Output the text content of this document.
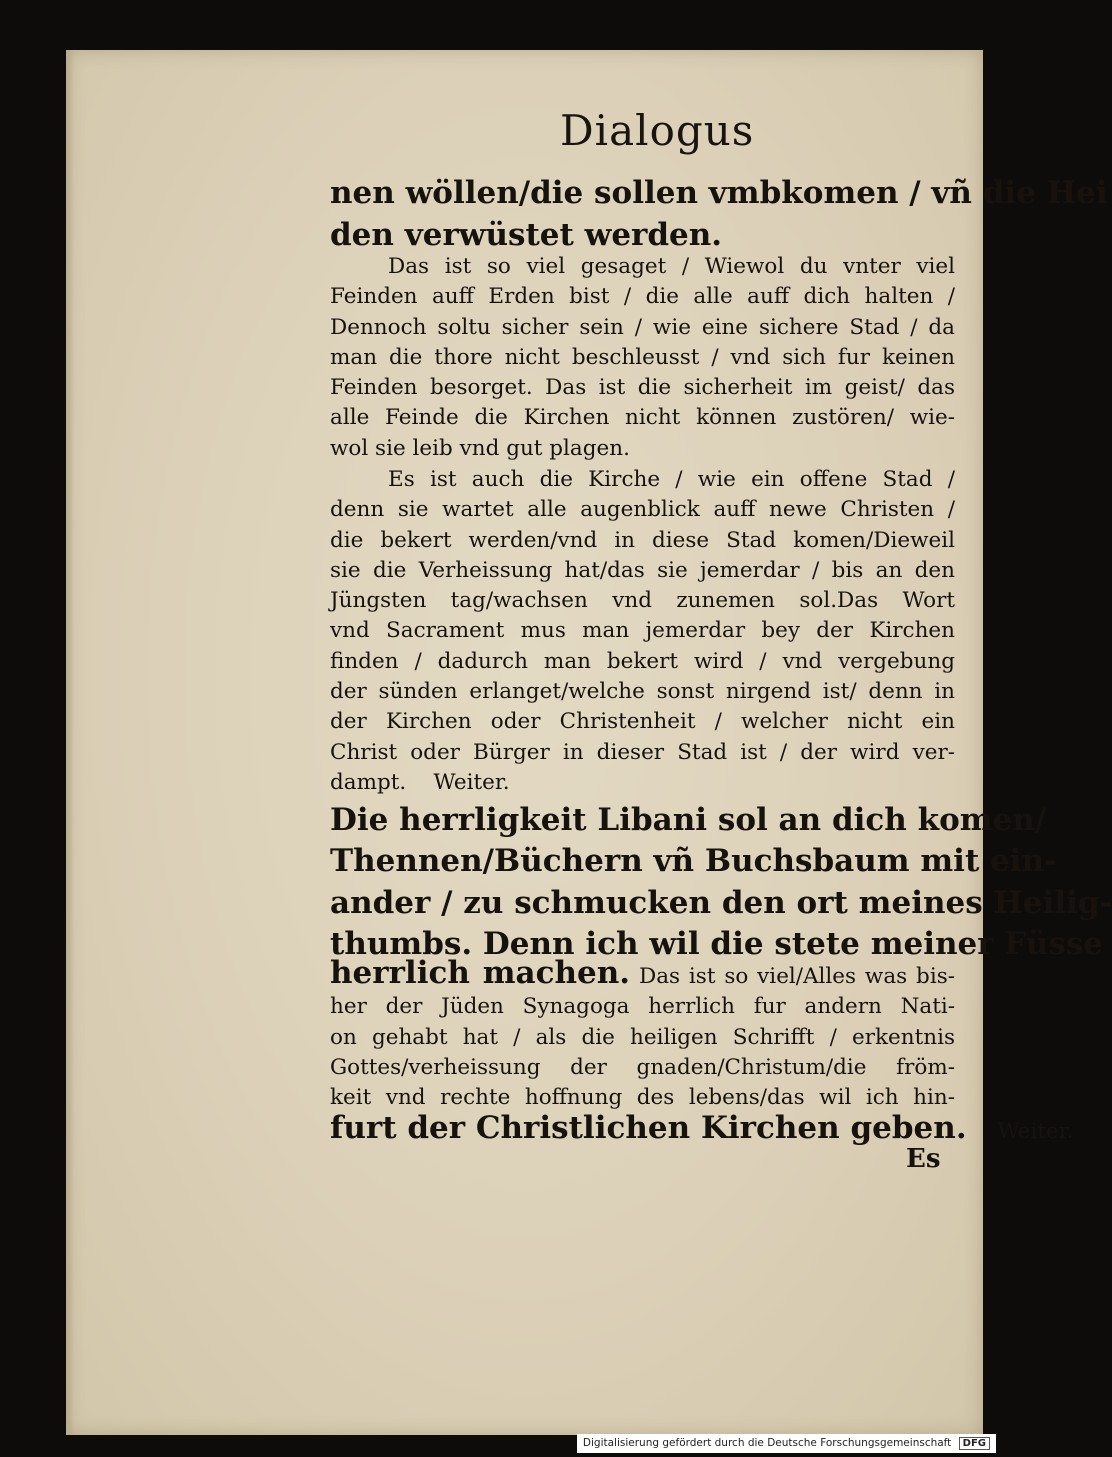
Dialogus
nen wöllen/die sollen vmbkomen / vñ die Hei
den verwüstet werden.
Das ist so viel gesaget / Wiewol du vnter viel
Feinden auff Erden bist / die alle auff dich halten /
Dennoch soltu sicher sein / wie eine sichere Stad / da
man die thore nicht beschleusst / vnd sich fur keinen
Feinden besorget. Das ist die sicherheit im geist/ das
alle Feinde die Kirchen nicht können zustören/ wie-
wol sie leib vnd gut plagen.
Es ist auch die Kirche / wie ein offene Stad /
denn sie wartet alle augenblick auff newe Christen /
die bekert werden/vnd in diese Stad komen/Dieweil
sie die Verheissung hat/das sie jemerdar / bis an den
Jüngsten tag/wachsen vnd zunemen sol.Das Wort
vnd Sacrament mus man jemerdar bey der Kirchen
finden / dadurch man bekert wird / vnd vergebung
der sünden erlanget/welche sonst nirgend ist/ denn in
der Kirchen oder Christenheit / welcher nicht ein
Christ oder Bürger in dieser Stad ist / der wird ver-
dampt.    Weiter.
Die herrligkeit Libani sol an dich komen/
Thennen/Büchern vñ Buchsbaum mit ein-
ander / zu schmucken den ort meines Heilig-
thumbs. Denn ich wil die stete meiner Füsse
herrlich machen. Das ist so viel/Alles was bis-
her der Jüden Synagoga herrlich fur andern Nati-
on gehabt hat / als die heiligen Schrifft / erkentnis
Gottes/verheissung der gnaden/Christum/die fröm-
keit vnd rechte hoffnung des lebens/das wil ich hin-
furt der Christlichen Kirchen geben. Weiter.
Es
Digitalisierung gefördert durch die Deutsche Forschungsgemeinschaft DFG
